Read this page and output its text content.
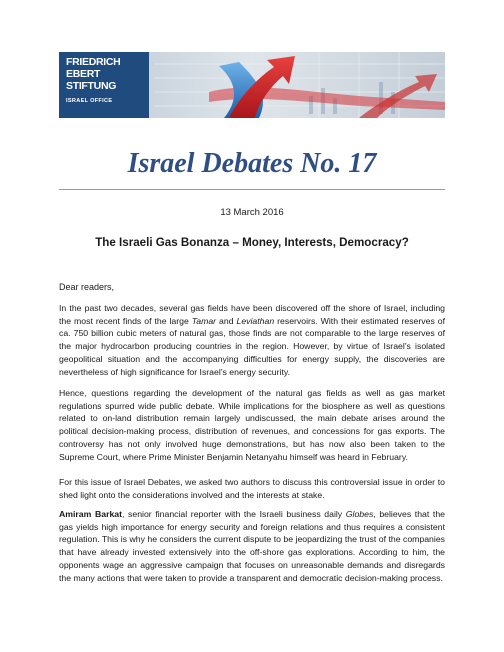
FRIEDRICH
EBERT
STIFTUNG
ISRAEL OFFICE
Israel Debates No. 17
13 March 2016
The Israeli Gas Bonanza – Money, Interests, Democracy?

Dear readers,

In the past two decades, several gas fields have been discovered off the shore of Israel, including the most recent finds of the large Tamar and Leviathan reservoirs. With their estimated reserves of ca. 750 billion cubic meters of natural gas, those finds are not comparable to the large reserves of the major hydrocarbon producing countries in the region. However, by virtue of Israel’s isolated geopolitical situation and the accompanying difficulties for energy supply, the discoveries are nevertheless of high significance for Israel’s energy security.

Hence, questions regarding the development of the natural gas fields as well as gas market regulations spurred wide public debate. While implications for the biosphere as well as questions related to on-land distribution remain largely undiscussed, the main debate arises around the political decision-making process, distribution of revenues, and concessions for gas exports. The controversy has not only involved huge demonstrations, but has now also been taken to the Supreme Court, where Prime Minister Benjamin Netanyahu himself was heard in February.

For this issue of Israel Debates, we asked two authors to discuss this controversial issue in order to shed light onto the considerations involved and the interests at stake.

Amiram Barkat, senior financial reporter with the Israeli business daily Globes, believes that the gas yields high importance for energy security and foreign relations and thus requires a consistent regulation. This is why he considers the current dispute to be jeopardizing the trust of the companies that have already invested extensively into the off-shore gas explorations. According to him, the opponents wage an aggressive campaign that focuses on unreasonable demands and disregards the many actions that were taken to provide a transparent and democratic decision-making process.
